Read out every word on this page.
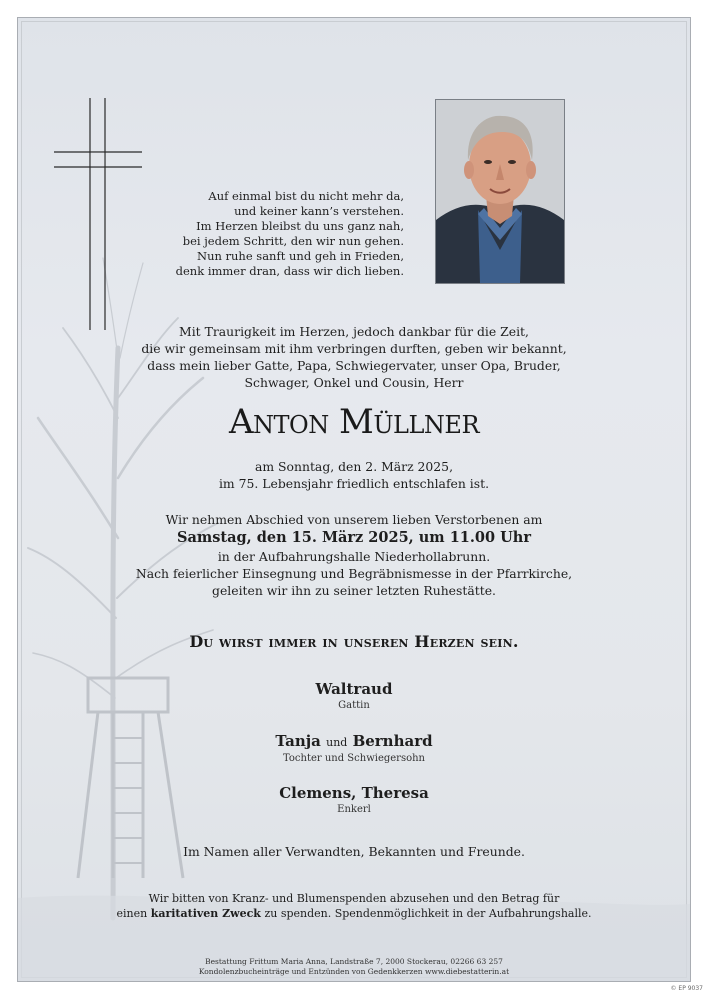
Auf einmal bist du nicht mehr da,
und keiner kann’s verstehen.
Im Herzen bleibst du uns ganz nah,
bei jedem Schritt, den wir nun gehen.
Nun ruhe sanft und geh in Frieden,
denk immer dran, dass wir dich lieben.
Mit Traurigkeit im Herzen, jedoch dankbar für die Zeit,
die wir gemeinsam mit ihm verbringen durften, geben wir bekannt,
dass mein lieber Gatte, Papa, Schwiegervater, unser Opa, Bruder,
Schwager, Onkel und Cousin, Herr
Anton Müllner
am Sonntag, den 2. März 2025,
im 75. Lebensjahr friedlich entschlafen ist.
Wir nehmen Abschied von unserem lieben Verstorbenen am
Samstag, den 15. März 2025, um 11.00 Uhr
in der Aufbahrungshalle Niederhollabrunn.
Nach feierlicher Einsegnung und Begräbnismesse in der Pfarrkirche,
geleiten wir ihn zu seiner letzten Ruhestätte.
Du wirst immer in unseren Herzen sein.
Waltraud
Gattin
Tanja und Bernhard
Tochter und Schwiegersohn
Clemens, Theresa
Enkerl
Im Namen aller Verwandten, Bekannten und Freunde.
Wir bitten von Kranz- und Blumenspenden abzusehen und den Betrag für
einen karitativen Zweck zu spenden. Spendenmöglichkeit in der Aufbahrungshalle.
Bestattung Frittum Maria Anna, Landstraße 7, 2000 Stockerau, 02266 63 257
Kondolenzbucheinträge und Entzünden von Gedenkkerzen www.diebestatterin.at
© EP 9037
